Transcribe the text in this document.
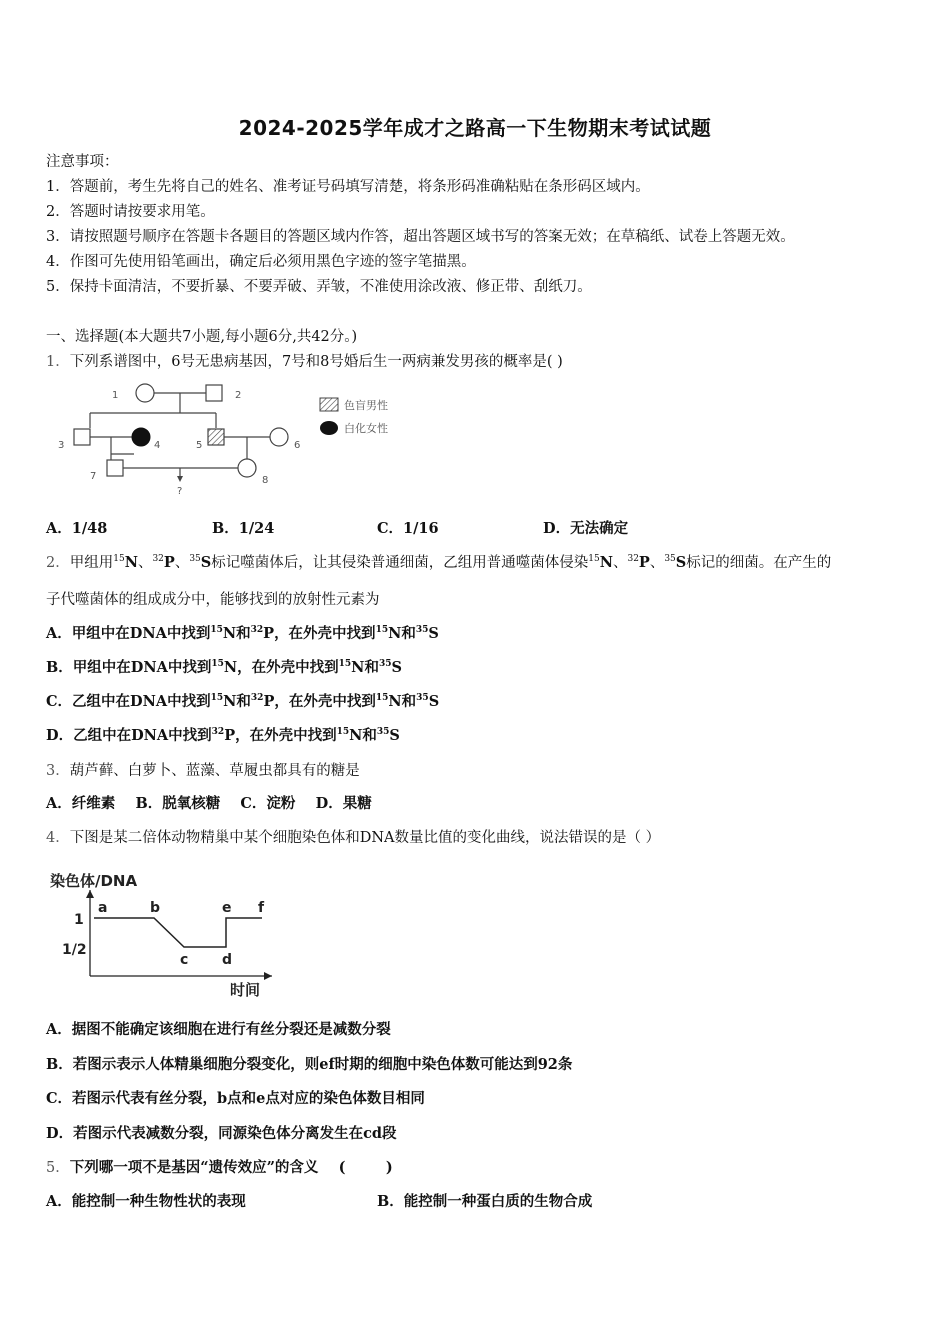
2024-2025学年成才之路高一下生物期末考试试题
注意事项：
1．答题前，考生先将自己的姓名、准考证号码填写清楚，将条形码准确粘贴在条形码区域内。
2．答题时请按要求用笔。
3．请按照题号顺序在答题卡各题目的答题区域内作答，超出答题区域书写的答案无效；在草稿纸、试卷上答题无效。
4．作图可先使用铅笔画出，确定后必须用黑色字迹的签字笔描黑。
5．保持卡面清洁，不要折暴、不要弄破、弄皱，不准使用涂改液、修正带、刮纸刀。
一、选择题(本大题共7小题,每小题6分,共42分。)
1．下列系谱图中，6号无患病基因，7号和8号婚后生一两病兼发男孩的概率是( )
1	2
3	4	5	6
7	8
?
色盲男性
白化女性
A．1/48	B．1/24	C．1/16	D．无法确定
2．甲组用$^{15}$N、$^{32}$P、$^{35}$S标记噬菌体后，让其侵染普通细菌，乙组用普通噬菌体侵染$^{15}$N、$^{32}$P、$^{35}$S标记的细菌。在产生的
子代噬菌体的组成成分中，能够找到的放射性元素为
A．甲组中在DNA中找到$^{15}$N和$^{32}$P，在外壳中找到$^{15}$N和$^{35}$S
B．甲组中在DNA中找到$^{15}$N，在外壳中找到$^{15}$N和$^{35}$S
C．乙组中在DNA中找到$^{15}$N和$^{32}$P，在外壳中找到$^{15}$N和$^{35}$S
D．乙组中在DNA中找到$^{32}$P，在外壳中找到$^{15}$N和$^{35}$S
3．葫芦藓、白萝卜、蓝藻、草履虫都具有的糖是
A．纤维素    B．脱氧核糖    C．淀粉    D．果糖
4．下图是某二倍体动物精巢中某个细胞染色体和DNA数量比值的变化曲线，说法错误的是（ ）
染色体/DNA
1
1/2
时间
a	b
c d
e f
A．据图不能确定该细胞在进行有丝分裂还是减数分裂
B．若图示表示人体精巢细胞分裂变化，则ef时期的细胞中染色体数可能达到92条
C．若图示代表有丝分裂，b点和e点对应的染色体数目相同
D．若图示代表减数分裂，同源染色体分离发生在cd段
5．下列哪一项不是基因“遗传效应”的含义    (        )
A．能控制一种生物性状的表现	B．能控制一种蛋白质的生物合成
